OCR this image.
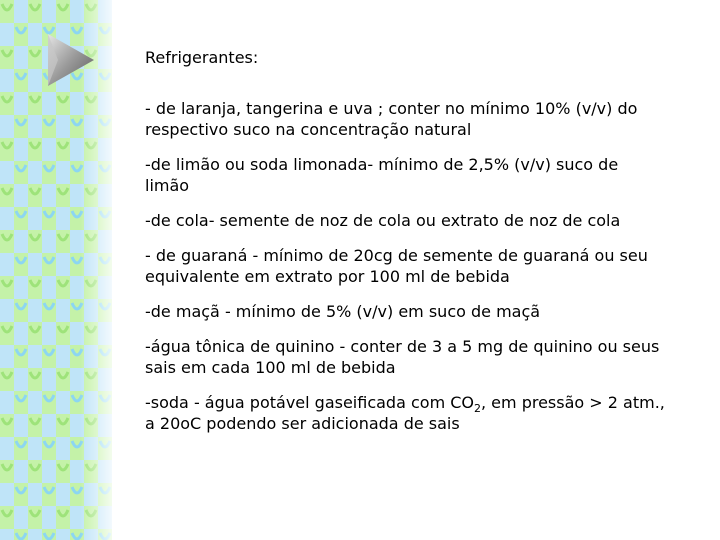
Refrigerantes:

- de laranja, tangerina e uva ; conter no mínimo 10% (v/v) do respectivo suco na concentração natural

-de limão ou soda limonada- mínimo de 2,5% (v/v) suco de limão

-de cola- semente de noz de cola ou extrato de noz de cola

- de guaraná - mínimo de 20cg de semente de guaraná ou seu equivalente em extrato por 100 ml de bebida

-de maçã - mínimo de 5% (v/v) em suco de maçã

-água tônica de quinino - conter de 3 a 5 mg de quinino ou seus sais em cada 100 ml de bebida

-soda - água potável gaseificada com $CO_2$, em pressão > 2 atm., a 20oC podendo ser adicionada de sais
